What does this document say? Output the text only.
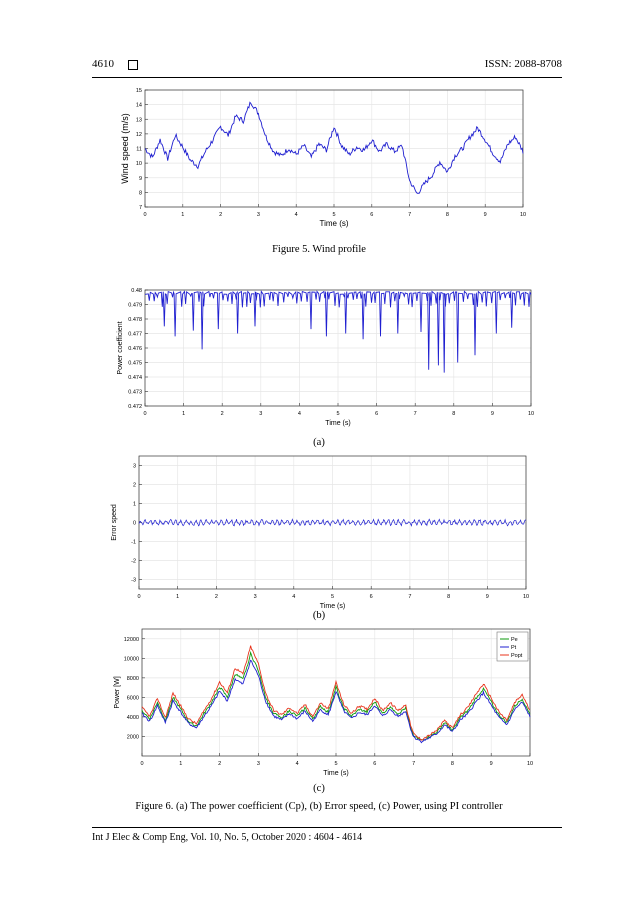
4610	ISSN: 2088-8708
0	1	2	3	4	5	6	7	8	9	10
7
8
9
10
11
12
13
14
15
Time (s)
Wind speed (m/s)
0	1	2	3	4	5	6	7	8	9	10
0.472
0.473
0.474
0.475
0.476
0.477
0.478
0.479
0.48
Time (s)
Power coefficient
0	1	2	3	4	5	6	7	8	9	10
-3
-2
-1
0
1
2
3
Time (s)
Error speed
0	1	2	3	4	5	6	7	8	9	10
2000
4000
6000
8000
10000
12000
Time (s)
Power [W]
Pe
Pt
Popt
Figure 5. Wind profile
(a)
(b)
(c)
Figure 6. (a) The power coefficient (Cp), (b) Error speed, (c) Power, using PI controller
Int J Elec & Comp Eng, Vol. 10, No. 5, October 2020 : 4604 - 4614
